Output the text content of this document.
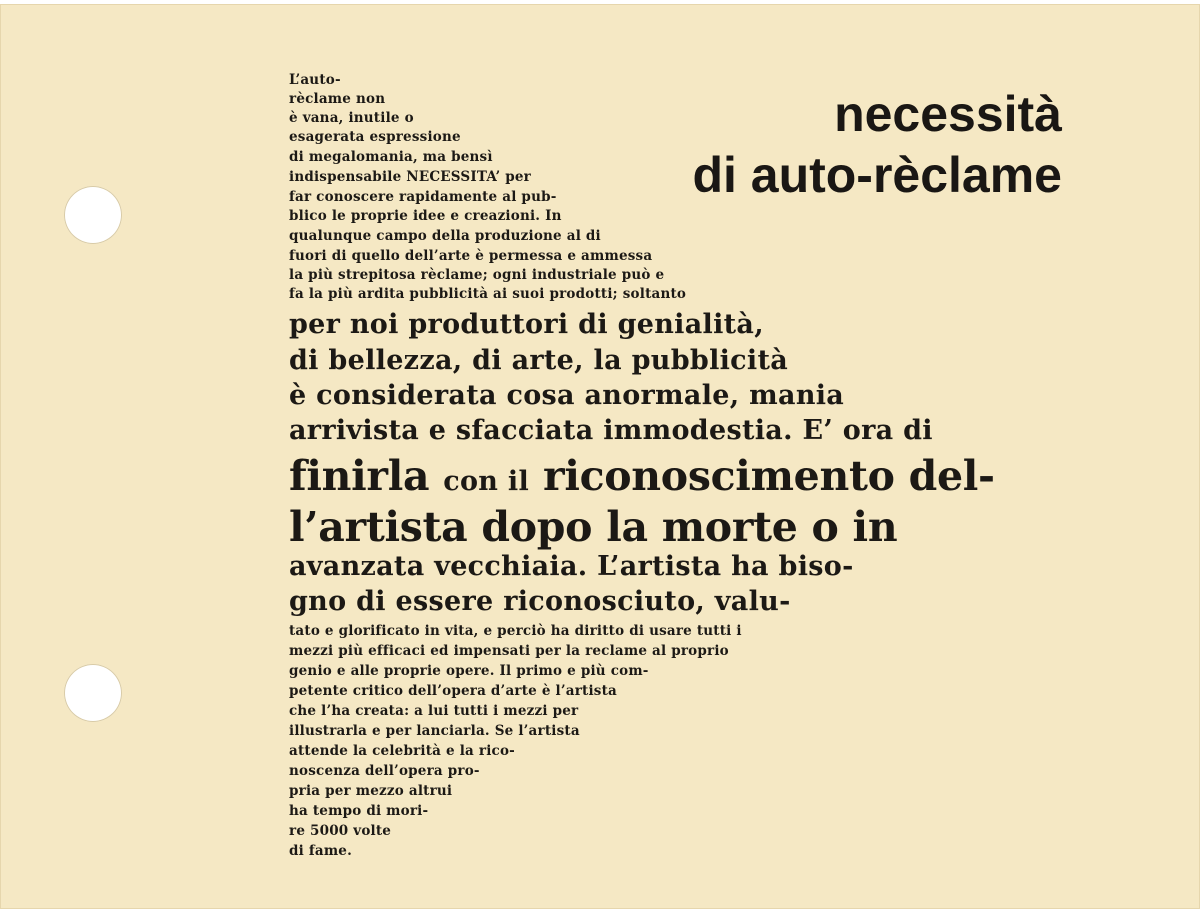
necessità
di auto-rèclame
L’auto-
rèclame non
è vana, inutile o
esagerata espressione
di megalomania, ma bensì
indispensabile NECESSITA’ per
far conoscere rapidamente al pub-
blico le proprie idee e creazioni. In
qualunque campo della produzione al di
fuori di quello dell’arte è permessa e ammessa
la più strepitosa rèclame; ogni industriale può e
fa la più ardita pubblicità ai suoi prodotti; soltanto
per noi produttori di genialità,
di bellezza, di arte, la pubblicità
è considerata cosa anormale, mania
arrivista e sfacciata immodestia. E’ ora di
finirla con il riconoscimento del-
l’artista dopo la morte o in
avanzata vecchiaia. L’artista ha biso-
gno di essere riconosciuto, valu-
tato e glorificato in vita, e perciò ha diritto di usare tutti i
mezzi più efficaci ed impensati per la reclame al proprio
genio e alle proprie opere. Il primo e più com-
petente critico dell’opera d’arte è l’artista
che l’ha creata: a lui tutti i mezzi per
illustrarla e per lanciarla. Se l’artista
attende la celebrità e la rico-
noscenza dell’opera pro-
pria per mezzo altrui
ha tempo di mori-
re 5000 volte
di fame.
